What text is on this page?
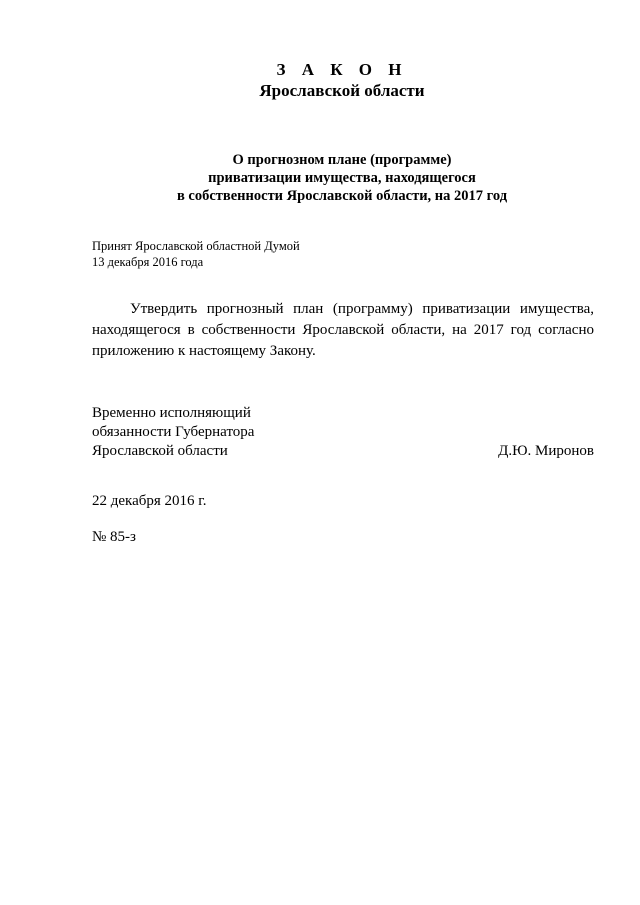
З А К О Н
Ярославской области
О прогнозном плане (программе)
приватизации имущества, находящегося
в собственности Ярославской области, на 2017 год
Принят Ярославской областной Думой
13 декабря 2016 года
Утвердить прогнозный план (программу) приватизации имущества,
находящегося в собственности Ярославской области, на 2017 год согласно
приложению к настоящему Закону.
Временно исполняющий
обязанности Губернатора
Ярославской области	Д.Ю. Миронов
22 декабря 2016 г.
№ 85-з
